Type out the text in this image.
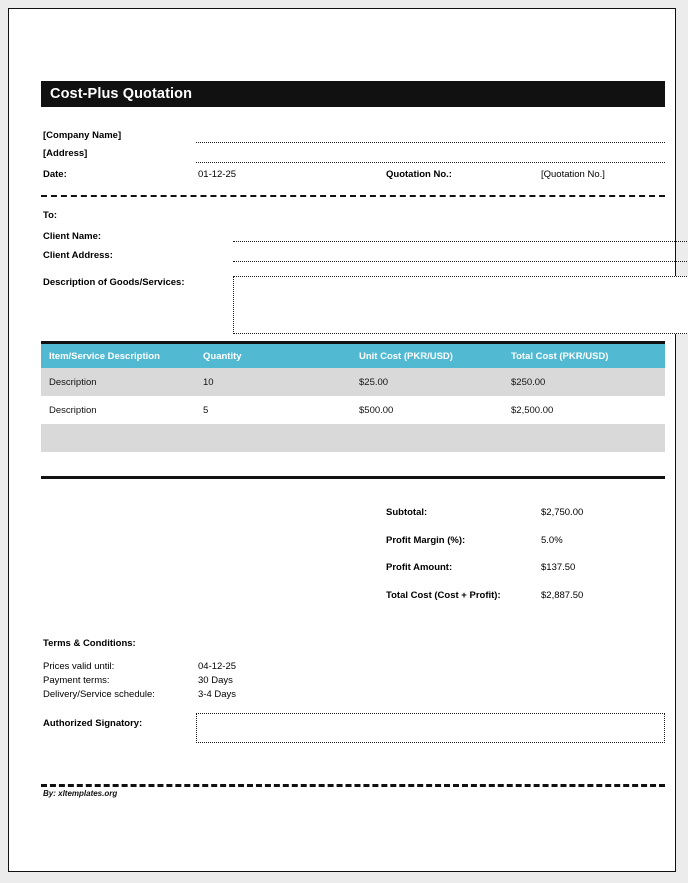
Cost-Plus Quotation
[Company Name]
[Address]
Date:	01-12-25	Quotation No.:	[Quotation No.]
To:
Client Name:
Client Address:
Description of Goods/Services:
Item/Service Description	Quantity	Unit Cost (PKR/USD)	Total Cost (PKR/USD)
Description	10	$25.00	$250.00
Description	5	$500.00	$2,500.00
Subtotal:	$2,750.00
Profit Margin (%):	5.0%
Profit Amount:	$137.50
Total Cost (Cost + Profit):	$2,887.50
Terms & Conditions:
Prices valid until:	04-12-25
Payment terms:	30 Days
Delivery/Service schedule:	3-4 Days
Authorized Signatory:
By: xltemplates.org
